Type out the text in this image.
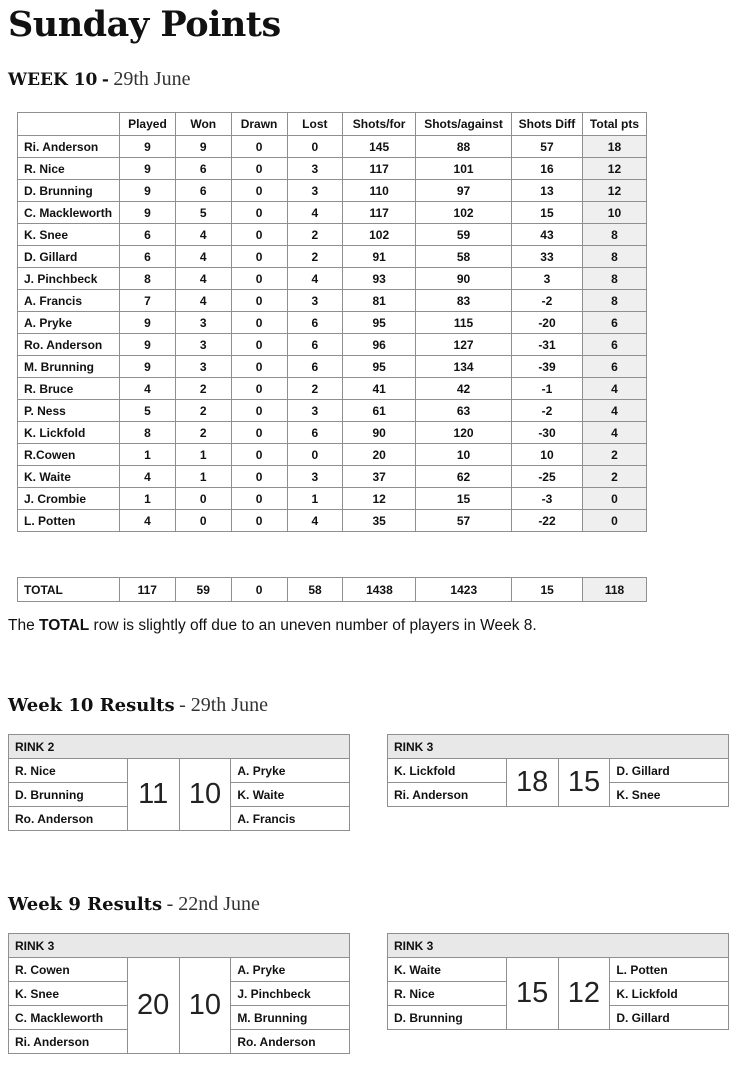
Sunday Points
WEEK 10 - 29th June
	Played	Won	Drawn	Lost	Shots/for	Shots/against	Shots Diff	Total pts
Ri. Anderson	9	9	0	0	145	88	57	18
R. Nice	9	6	0	3	117	101	16	12
D. Brunning	9	6	0	3	110	97	13	12
C. Mackleworth	9	5	0	4	117	102	15	10
K. Snee	6	4	0	2	102	59	43	8
D. Gillard	6	4	0	2	91	58	33	8
J. Pinchbeck	8	4	0	4	93	90	3	8
A. Francis	7	4	0	3	81	83	-2	8
A. Pryke	9	3	0	6	95	115	-20	6
Ro. Anderson	9	3	0	6	96	127	-31	6
M. Brunning	9	3	0	6	95	134	-39	6
R. Bruce	4	2	0	2	41	42	-1	4
P. Ness	5	2	0	3	61	63	-2	4
K. Lickfold	8	2	0	6	90	120	-30	4
R.Cowen	1	1	0	0	20	10	10	2
K. Waite	4	1	0	3	37	62	-25	2
J. Crombie	1	0	0	1	12	15	-3	0
L. Potten	4	0	0	4	35	57	-22	0
TOTAL	117	59	0	58	1438	1423	15	118
The TOTAL row is slightly off due to an uneven number of players in Week 8.
Week 10 Results - 29th June
RINK 2			
R. Nice	11	10	A. Pryke
D. Brunning			K. Waite
Ro. Anderson			A. Francis
RINK 3			
K. Lickfold	18	15	D. Gillard
Ri. Anderson			K. Snee
Week 9 Results - 22nd June
RINK 3			
R. Cowen	20	10	A. Pryke
K. Snee			J. Pinchbeck
C. Mackleworth			M. Brunning
Ri. Anderson			Ro. Anderson
RINK 3			
K. Waite	15	12	L. Potten
R. Nice			K. Lickfold
D. Brunning			D. Gillard
